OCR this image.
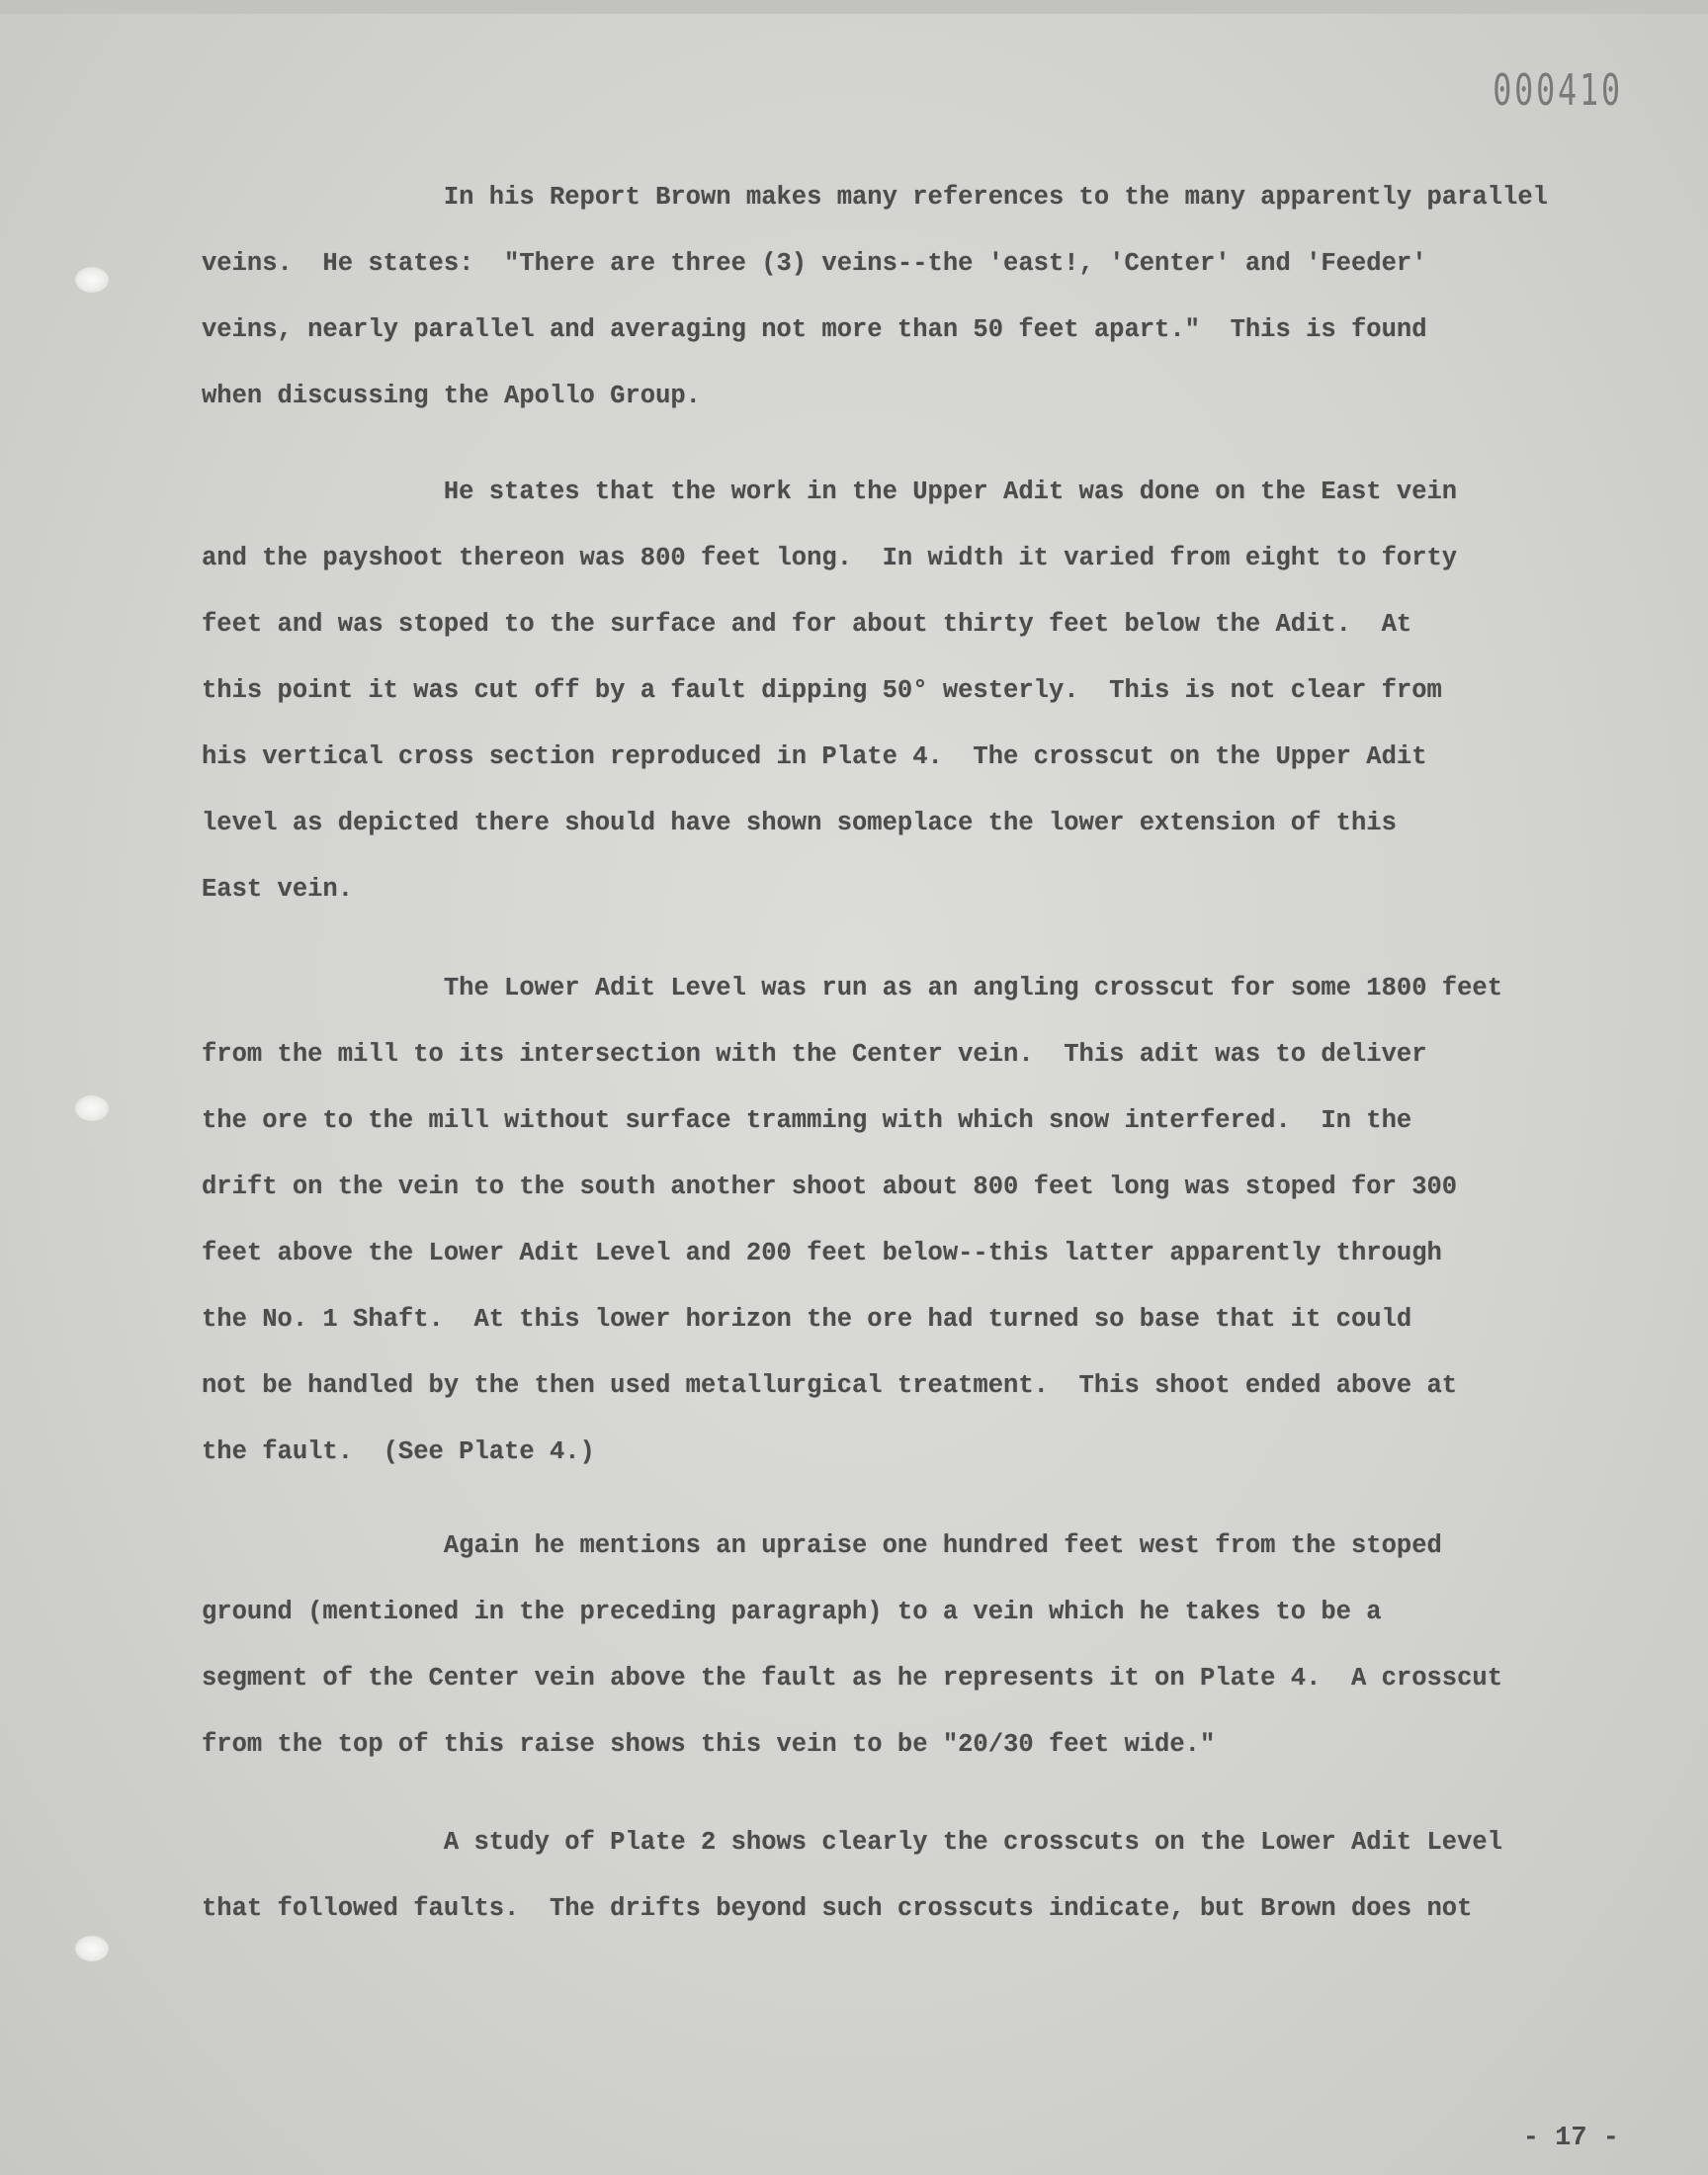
000410

In his Report Brown makes many references to the many apparently parallel

veins.  He states:  "There are three (3) veins--the 'east!, 'Center' and 'Feeder'

veins, nearly parallel and averaging not more than 50 feet apart."  This is found

when discussing the Apollo Group.

He states that the work in the Upper Adit was done on the East vein

and the payshoot thereon was 800 feet long.  In width it varied from eight to forty

feet and was stoped to the surface and for about thirty feet below the Adit.  At

this point it was cut off by a fault dipping 50° westerly.  This is not clear from

his vertical cross section reproduced in Plate 4.  The crosscut on the Upper Adit

level as depicted there should have shown someplace the lower extension of this

East vein.

The Lower Adit Level was run as an angling crosscut for some 1800 feet

from the mill to its intersection with the Center vein.  This adit was to deliver

the ore to the mill without surface tramming with which snow interfered.  In the

drift on the vein to the south another shoot about 800 feet long was stoped for 300

feet above the Lower Adit Level and 200 feet below--this latter apparently through

the No. 1 Shaft.  At this lower horizon the ore had turned so base that it could

not be handled by the then used metallurgical treatment.  This shoot ended above at

the fault.  (See Plate 4.)

Again he mentions an upraise one hundred feet west from the stoped

ground (mentioned in the preceding paragraph) to a vein which he takes to be a

segment of the Center vein above the fault as he represents it on Plate 4.  A crosscut

from the top of this raise shows this vein to be "20/30 feet wide."

A study of Plate 2 shows clearly the crosscuts on the Lower Adit Level

that followed faults.  The drifts beyond such crosscuts indicate, but Brown does not

- 17 -
